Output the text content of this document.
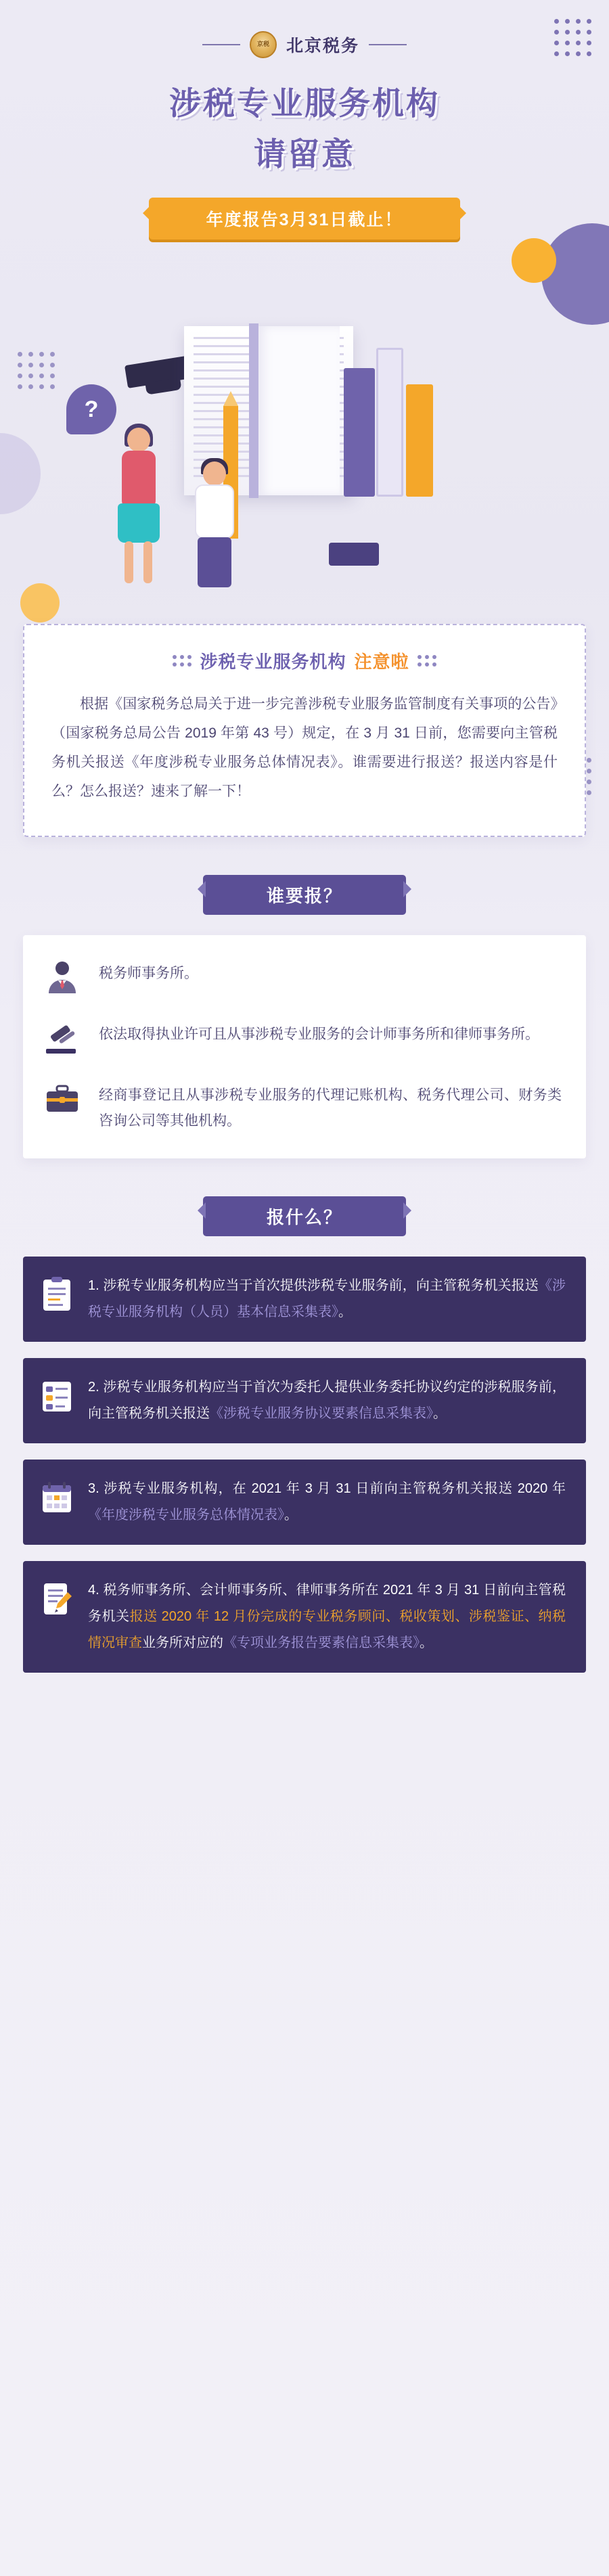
京税	北京税务
涉税专业服务机构
请留意
年度报告3月31日截止！
?
涉税专业服务机构 注意啦
根据《国家税务总局关于进一步完善涉税专业服务监管制度有关事项的公告》（国家税务总局公告 2019 年第 43 号）规定，在 3 月 31 日前，您需要向主管税务机关报送《年度涉税专业服务总体情况表》。谁需要进行报送？报送内容是什么？怎么报送？速来了解一下！
谁要报？
税务师事务所。
依法取得执业许可且从事涉税专业服务的会计师事务所和律师事务所。
经商事登记且从事涉税专业服务的代理记账机构、税务代理公司、财务类咨询公司等其他机构。
报什么？
1. 涉税专业服务机构应当于首次提供涉税专业服务前，向主管税务机关报送《涉税专业服务机构（人员）基本信息采集表》。
2. 涉税专业服务机构应当于首次为委托人提供业务委托协议约定的涉税服务前，向主管税务机关报送《涉税专业服务协议要素信息采集表》。
3. 涉税专业服务机构，在 2021 年 3 月 31 日前向主管税务机关报送 2020 年《年度涉税专业服务总体情况表》。
4. 税务师事务所、会计师事务所、律师事务所在 2021 年 3 月 31 日前向主管税务机关报送 2020 年 12 月份完成的专业税务顾问、税收策划、涉税鉴证、纳税情况审查业务所对应的《专项业务报告要素信息采集表》。
